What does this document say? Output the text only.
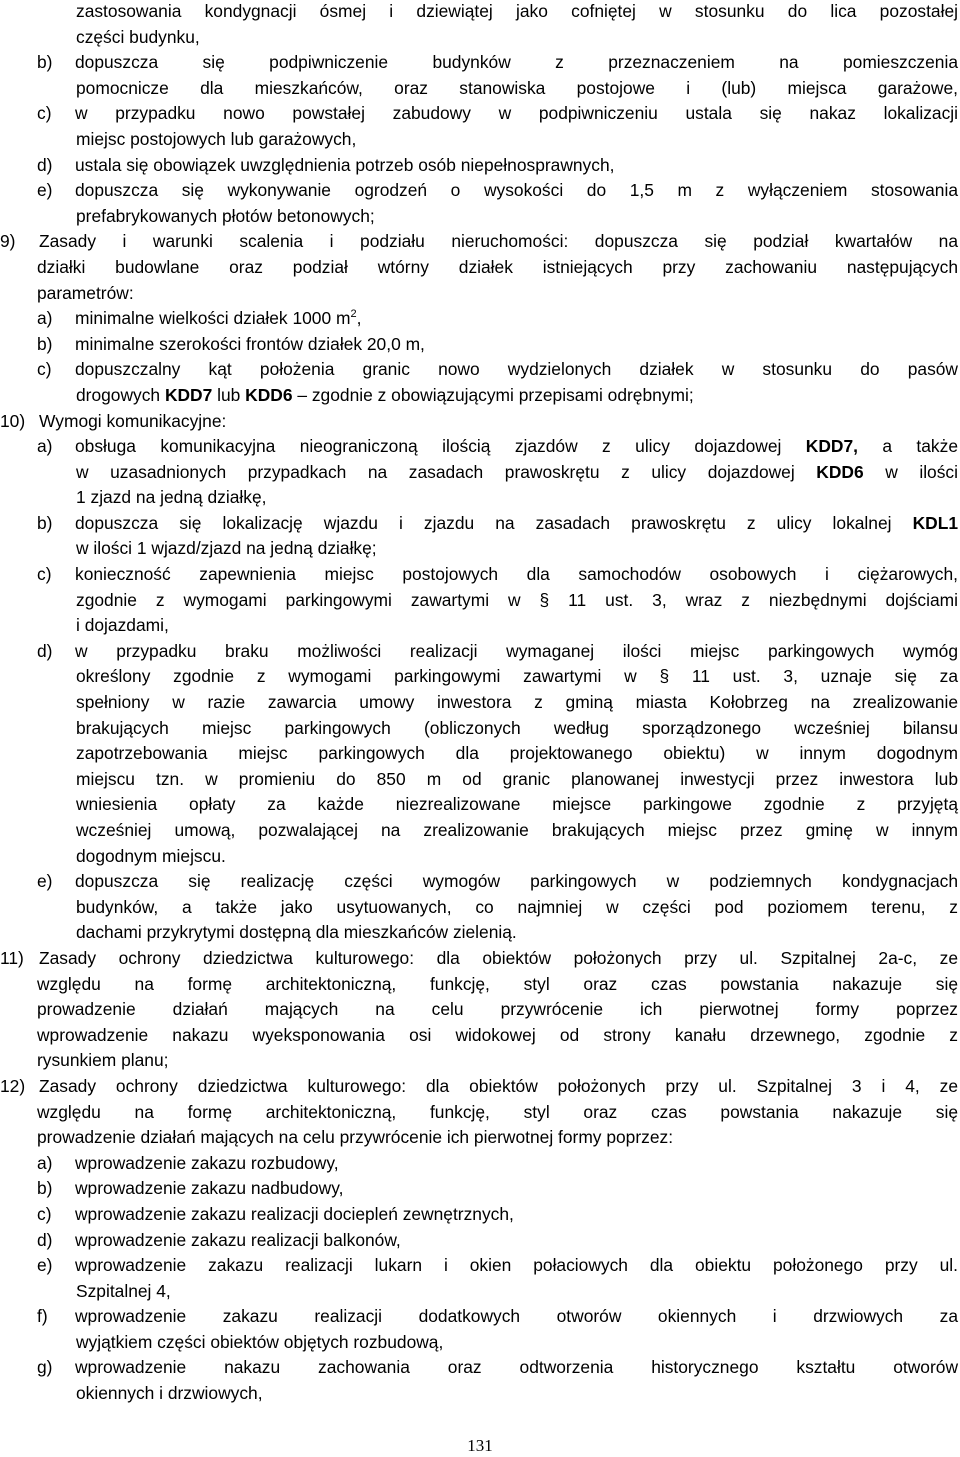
zastosowania kondygnacji ósmej i dziewiątej jako cofniętej w stosunku do lica pozostałej
części budynku,
b) dopuszcza się podpiwniczenie budynków z przeznaczeniem na pomieszczenia
pomocnicze dla mieszkańców, oraz stanowiska postojowe i (lub) miejsca garażowe,
c) w przypadku nowo powstałej zabudowy w podpiwniczeniu ustala się nakaz lokalizacji
miejsc postojowych lub garażowych,
d) ustala się obowiązek uwzględnienia potrzeb osób niepełnosprawnych,
e) dopuszcza się wykonywanie ogrodzeń o wysokości do 1,5 m z wyłączeniem stosowania
prefabrykowanych płotów betonowych;
9) Zasady i warunki scalenia i podziału nieruchomości: dopuszcza się podział kwartałów na
działki budowlane oraz podział wtórny działek istniejących przy zachowaniu następujących
parametrów:
a) minimalne wielkości działek 1000 $m^2$,
b) minimalne szerokości frontów działek 20,0 m,
c) dopuszczalny kąt położenia granic nowo wydzielonych działek w stosunku do pasów
drogowych KDD7 lub KDD6 – zgodnie z obowiązującymi przepisami odrębnymi;
10) Wymogi komunikacyjne:
a) obsługa komunikacyjna nieograniczoną ilością zjazdów z ulicy dojazdowej KDD7, a także
w uzasadnionych przypadkach na zasadach prawoskrętu z ulicy dojazdowej KDD6 w ilości
1 zjazd na jedną działkę,
b) dopuszcza się lokalizację wjazdu i zjazdu na zasadach prawoskrętu z ulicy lokalnej KDL1
w ilości 1 wjazd/zjazd na jedną działkę;
c) konieczność zapewnienia miejsc postojowych dla samochodów osobowych i ciężarowych,
zgodnie z wymogami parkingowymi zawartymi w § 11 ust. 3, wraz z niezbędnymi dojściami
i dojazdami,
d) w przypadku braku możliwości realizacji wymaganej ilości miejsc parkingowych wymóg
określony zgodnie z wymogami parkingowymi zawartymi w § 11 ust. 3, uznaje się za
spełniony w razie zawarcia umowy inwestora z gminą miasta Kołobrzeg na zrealizowanie
brakujących miejsc parkingowych (obliczonych według sporządzonego wcześniej bilansu
zapotrzebowania miejsc parkingowych dla projektowanego obiektu) w innym dogodnym
miejscu tzn. w promieniu do 850 m od granic planowanej inwestycji przez inwestora lub
wniesienia opłaty za każde niezrealizowane miejsce parkingowe zgodnie z przyjętą
wcześniej umową, pozwalającej na zrealizowanie brakujących miejsc przez gminę w innym
dogodnym miejscu.
e) dopuszcza się realizację części wymogów parkingowych w podziemnych kondygnacjach
budynków, a także jako usytuowanych, co najmniej w części pod poziomem terenu, z
dachami przykrytymi dostępną dla mieszkańców zielenią.
11) Zasady ochrony dziedzictwa kulturowego: dla obiektów położonych przy ul. Szpitalnej 2a-c, ze
względu na formę architektoniczną, funkcję, styl oraz czas powstania nakazuje się
prowadzenie działań mających na celu przywrócenie ich pierwotnej formy poprzez
wprowadzenie nakazu wyeksponowania osi widokowej od strony kanału drzewnego, zgodnie z
rysunkiem planu;
12) Zasady ochrony dziedzictwa kulturowego: dla obiektów położonych przy ul. Szpitalnej 3 i 4, ze
względu na formę architektoniczną, funkcję, styl oraz czas powstania nakazuje się
prowadzenie działań mających na celu przywrócenie ich pierwotnej formy poprzez:
a) wprowadzenie zakazu rozbudowy,
b) wprowadzenie zakazu nadbudowy,
c) wprowadzenie zakazu realizacji dociepleń zewnętrznych,
d) wprowadzenie zakazu realizacji balkonów,
e) wprowadzenie zakazu realizacji lukarn i okien połaciowych dla obiektu położonego przy ul.
Szpitalnej 4,
f) wprowadzenie zakazu realizacji dodatkowych otworów okiennych i drzwiowych za
wyjątkiem części obiektów objętych rozbudową,
g) wprowadzenie nakazu zachowania oraz odtworzenia historycznego kształtu otworów
okiennych i drzwiowych,
131
